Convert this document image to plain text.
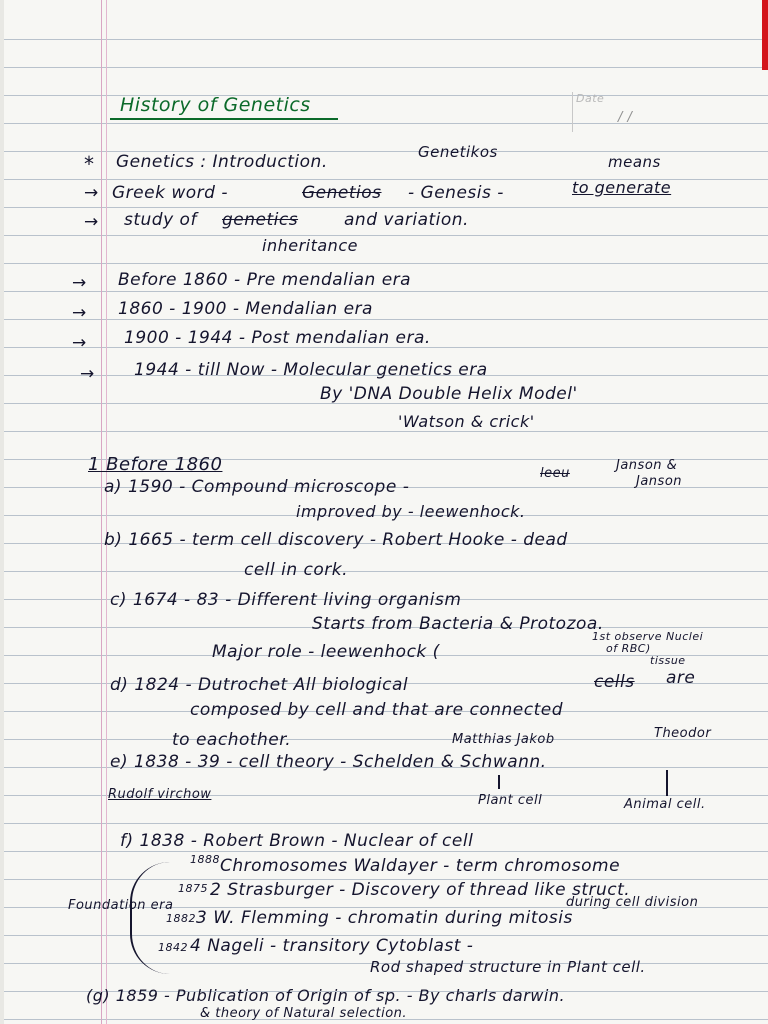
Date
/ /
History of Genetics
* Genetics : Introduction.	Genetikos
means
→ Greek word -	Genetios - Genesis -	to generate
→ study of genetics	and variation.
inheritance
→ Before 1860 - Pre mendalian era
→ 1860 - 1900 - Mendalian era
→ 1900 - 1944 - Post mendalian era.
→ 1944 - till Now - Molecular genetics era
By 'DNA Double Helix Model'
'Watson & crick'
1 Before 1860
a) 1590 - Compound microscope -
leeu
Janson &
Janson
improved by - leewenhock.
b) 1665 - term cell discovery - Robert Hooke - dead
cell in cork.
c) 1674 - 83 - Different living organism
Starts from Bacteria & Protozoa.
Major role - leewenhock (
1st observe Nuclei
of RBC)
tissue
d) 1824 - Dutrochet All biological	cells are
composed by cell and that are connected
to eachother.	Matthias Jakob	Theodor
e) 1838 - 39 - cell theory - Schelden & Schwann.
Rudolf virchow	Plant cell	Animal cell.
f) 1838 - Robert Brown - Nuclear of cell
1888 Chromosomes Waldayer - term chromosome
1875 2 Strasburger - Discovery of thread like struct.
during cell division
Foundation era
1882 3 W. Flemming - chromatin during mitosis
1842 4 Nageli - transitory Cytoblast -
Rod shaped structure in Plant cell.
(g) 1859 - Publication of Origin of sp. - By charls darwin.
& theory of Natural selection.
